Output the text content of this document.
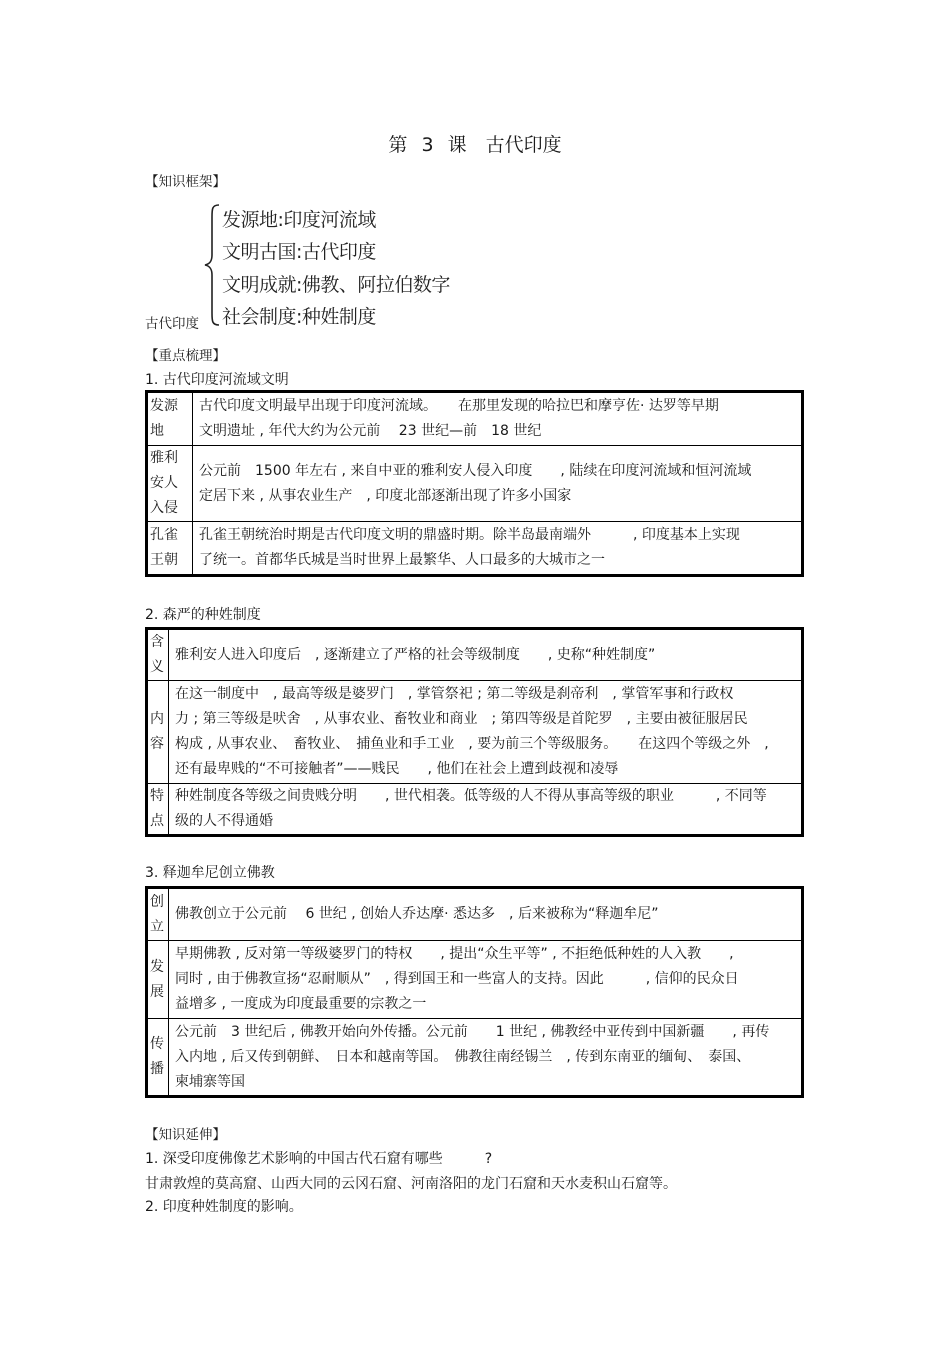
第 3 课　古代印度
【知识框架】
发源地:印度河流域
文明古国:古代印度
文明成就:佛教、阿拉伯数字
社会制度:种姓制度
古代印度
【重点梳理】
1. 古代印度河流域文明
发源地	古代印度文明最早出现于印度河流域。　　在那里发现的哈拉巴和摩亨佐· 达罗等早期
文明遗址 , 年代大约为公元前　 23 世纪—前　18 世纪

雅利安人入侵	公元前　1500 年左右 , 来自中亚的雅利安人侵入印度　　, 陆续在印度河流域和恒河流域
定居下来 , 从事农业生产　, 印度北部逐渐出现了许多小国家

孔雀王朝	孔雀王朝统治时期是古代印度文明的鼎盛时期。除半岛最南端外　　　, 印度基本上实现
了统一。首都华氏城是当时世界上最繁华、人口最多的大城市之一
2. 森严的种姓制度
含义	雅利安人进入印度后　, 逐渐建立了严格的社会等级制度　　, 史称“种姓制度”

内容	在这一制度中　, 最高等级是婆罗门　, 掌管祭祀 ; 第二等级是刹帝利　, 掌管军事和行政权
力 ; 第三等级是吠舍　, 从事农业、畜牧业和商业　; 第四等级是首陀罗　, 主要由被征服居民
构成 , 从事农业、　畜牧业、　捕鱼业和手工业　, 要为前三个等级服务。　　在这四个等级之外　,
还有最卑贱的“不可接触者”——贱民　　, 他们在社会上遭到歧视和凌辱

特点	种姓制度各等级之间贵贱分明　　, 世代相袭。低等级的人不得从事高等级的职业　　　, 不同等
级的人不得通婚
3. 释迦牟尼创立佛教
创立	佛教创立于公元前　 6 世纪 , 创始人乔达摩· 悉达多　, 后来被称为“释迦牟尼”

发展	早期佛教 , 反对第一等级婆罗门的特权　　, 提出“众生平等” , 不拒绝低种姓的人入教　　,
同时 , 由于佛教宣扬“忍耐顺从”　, 得到国王和一些富人的支持。因此　　　, 信仰的民众日
益增多 , 一度成为印度最重要的宗教之一

传播	公元前　3 世纪后 , 佛教开始向外传播。公元前　　1 世纪 , 佛教经中亚传到中国新疆　　, 再传
入内地 , 后又传到朝鲜、　日本和越南等国。　佛教往南经锡兰　, 传到东南亚的缅甸、　泰国、
柬埔寨等国
【知识延伸】
1. 深受印度佛像艺术影响的中国古代石窟有哪些　　　?
甘肃敦煌的莫高窟、山西大同的云冈石窟、河南洛阳的龙门石窟和天水麦积山石窟等。
2. 印度种姓制度的影响。
